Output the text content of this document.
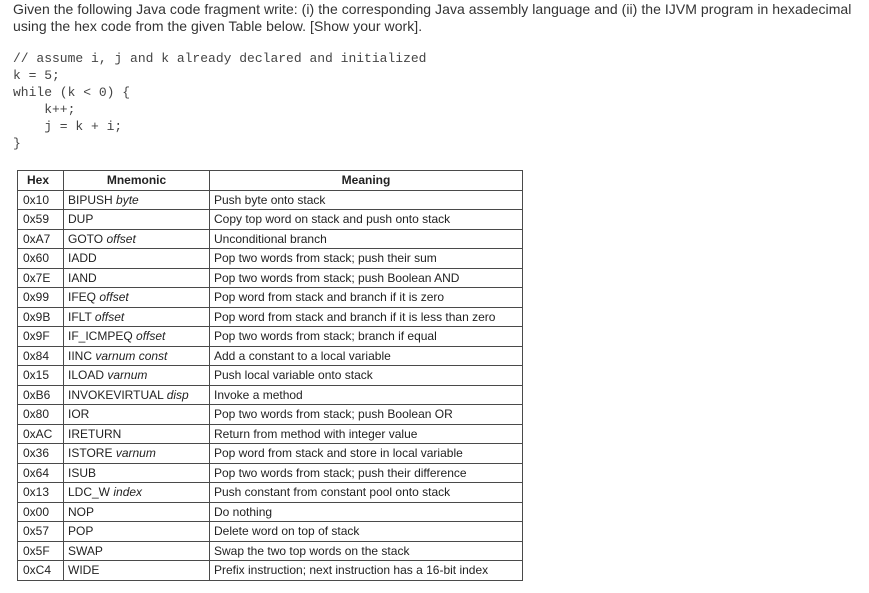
Given the following Java code fragment write: (i) the corresponding Java assembly language and (ii) the IJVM program in hexadecimal using the hex code from the given Table below. [Show your work].
// assume i, j and k already declared and initialized
k = 5;
while (k < 0) {
k++;
j = k + i;
}
Hex	Mnemonic	Meaning
0x10	BIPUSH byte	Push byte onto stack
0x59	DUP	Copy top word on stack and push onto stack
0xA7	GOTO offset	Unconditional branch
0x60	IADD	Pop two words from stack; push their sum
0x7E	IAND	Pop two words from stack; push Boolean AND
0x99	IFEQ offset	Pop word from stack and branch if it is zero
0x9B	IFLT offset	Pop word from stack and branch if it is less than zero
0x9F	IF_ICMPEQ offset	Pop two words from stack; branch if equal
0x84	IINC varnum const	Add a constant to a local variable
0x15	ILOAD varnum	Push local variable onto stack
0xB6	INVOKEVIRTUAL disp	Invoke a method
0x80	IOR	Pop two words from stack; push Boolean OR
0xAC	IRETURN	Return from method with integer value
0x36	ISTORE varnum	Pop word from stack and store in local variable
0x64	ISUB	Pop two words from stack; push their difference
0x13	LDC_W index	Push constant from constant pool onto stack
0x00	NOP	Do nothing
0x57	POP	Delete word on top of stack
0x5F	SWAP	Swap the two top words on the stack
0xC4	WIDE	Prefix instruction; next instruction has a 16-bit index
